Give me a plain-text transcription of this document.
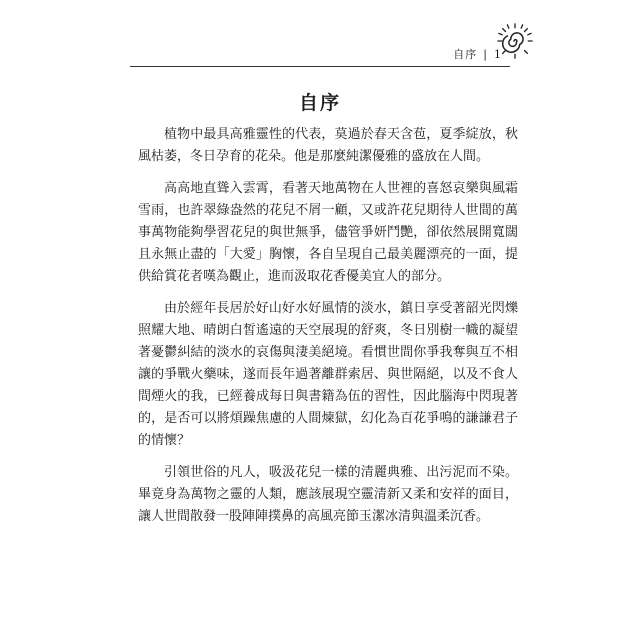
自序 | 1
自序

植物中最具高雅靈性的代表，莫過於春天含苞，夏季綻放，秋風枯萎，冬日孕育的花朵。他是那麼純潔優雅的盛放在人間。

高高地直聳入雲霄，看著天地萬物在人世裡的喜怒哀樂與風霜雪雨，也許翠綠盎然的花兒不屑一顧，又或許花兒期待人世間的萬事萬物能夠學習花兒的與世無爭，儘管爭妍鬥艷，卻依然展開寬闊且永無止盡的「大愛」胸懷，各自呈現自己最美麗漂亮的一面，提供給賞花者嘆為觀止，進而汲取花香優美宜人的部分。

由於經年長居於好山好水好風情的淡水，鎮日享受著韶光閃爍照耀大地、晴朗白皙遙遠的天空展現的舒爽，冬日別樹一幟的凝望著憂鬱糾結的淡水的哀傷與淒美絕境。看慣世間你爭我奪與互不相讓的爭戰火藥味，遂而長年過著離群索居、與世隔絕，以及不食人間煙火的我，已經養成每日與書籍為伍的習性，因此腦海中閃現著的，是否可以將煩躁焦慮的人間煉獄，幻化為百花爭鳴的謙謙君子的情懷？

引領世俗的凡人，吸汲花兒一樣的清麗典雅、出污泥而不染。畢竟身為萬物之靈的人類，應該展現空靈清新又柔和安祥的面目，讓人世間散發一股陣陣撲鼻的高風亮節玉潔冰清與溫柔沉香。
